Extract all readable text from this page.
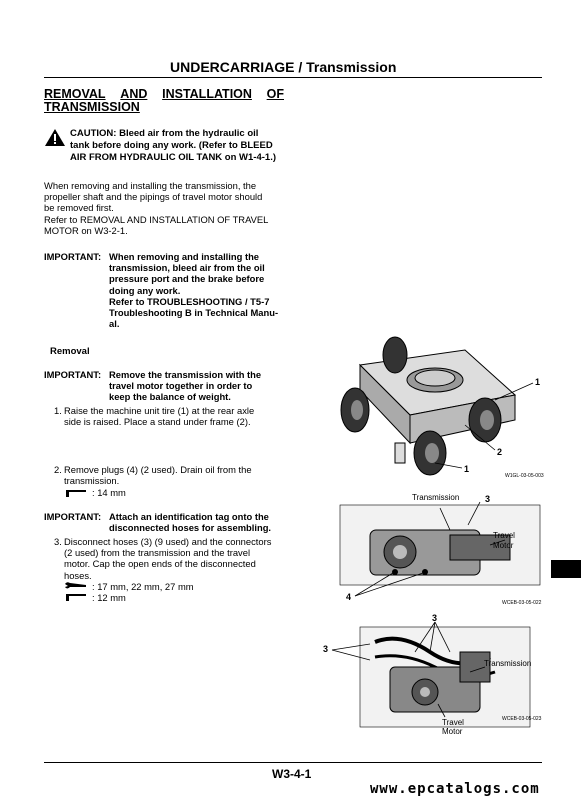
UNDERCARRIAGE / Transmission
REMOVAL AND INSTALLATION OF
TRANSMISSION
CAUTION: Bleed air from the hydraulic oil
tank before doing any work. (Refer to BLEED
AIR FROM HYDRAULIC OIL TANK on W1-4-1.)
When removing and installing the transmission, the
propeller shaft and the pipings of travel motor should
be removed first.
Refer to REMOVAL AND INSTALLATION OF TRAVEL
MOTOR on W3-2-1.
IMPORTANT: When removing and installing the
transmission, bleed air from the oil
pressure port and the brake before
doing any work.
Refer to TROUBLESHOOTING / T5-7
Troubleshooting B in Technical Manu-
al.
Removal
IMPORTANT: Remove the transmission with the
travel motor together in order to
keep the balance of weight.
1. Raise the machine unit tire (1) at the rear axle
side is raised. Place a stand under frame (2).
2. Remove plugs (4) (2 used). Drain oil from the
transmission.
: 14 mm
IMPORTANT: Attach an identification tag onto the
disconnected hoses for assembling.
3. Disconnect hoses (3) (9 used) and the connectors
(2 used) from the transmission and the travel
motor. Cap the open ends of the disconnected
hoses.
: 17 mm, 22 mm, 27 mm
: 12 mm
1
2
1
W1GL-03-05-003
Transmission	3
Travel
Motor
4
WCEB-03-05-022
3
3
Transmission
Travel
Motor
WCEB-03-05-023
W3-4-1
www.epcatalogs.com
